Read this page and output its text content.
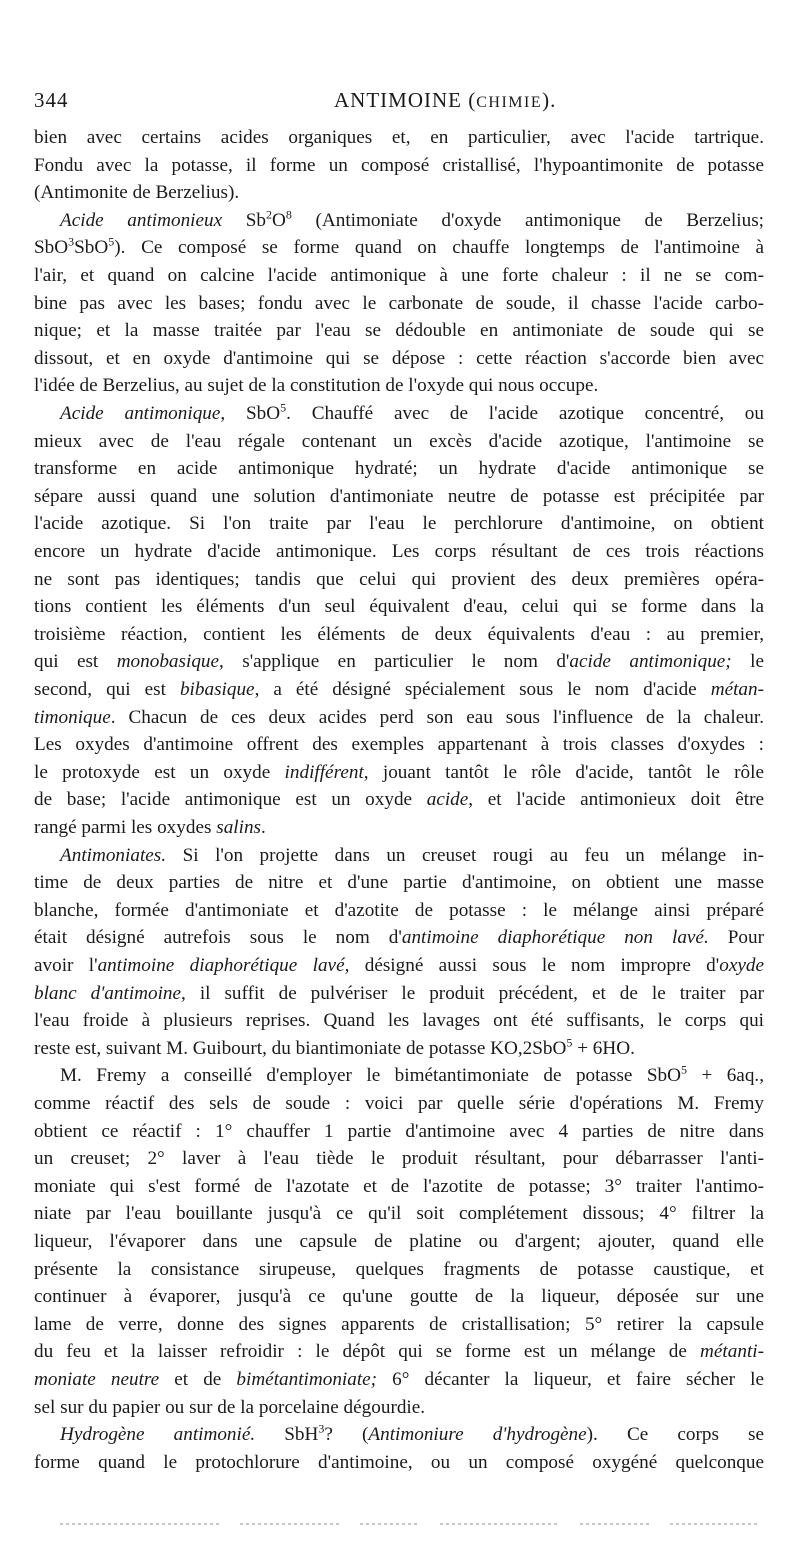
344	ANTIMOINE (CHIMIE).
bien avec certains acides organiques et, en particulier, avec l'acide tartrique.
Fondu avec la potasse, il forme un composé cristallisé, l'hypoantimonite de potasse
(Antimonite de Berzelius).
Acide antimonieux $Sb^2O^8$ (Antimoniate d'oxyde antimonique de Berzelius;
SbO$^3$SbO$^5$). Ce composé se forme quand on chauffe longtemps de l'antimoine à
l'air, et quand on calcine l'acide antimonique à une forte chaleur : il ne se com-
bine pas avec les bases; fondu avec le carbonate de soude, il chasse l'acide carbo-
nique; et la masse traitée par l'eau se dédouble en antimoniate de soude qui se
dissout, et en oxyde d'antimoine qui se dépose : cette réaction s'accorde bien avec
l'idée de Berzelius, au sujet de la constitution de l'oxyde qui nous occupe.
Acide antimonique, SbO$^5$. Chauffé avec de l'acide azotique concentré, ou
mieux avec de l'eau régale contenant un excès d'acide azotique, l'antimoine se
transforme en acide antimonique hydraté; un hydrate d'acide antimonique se
sépare aussi quand une solution d'antimoniate neutre de potasse est précipitée par
l'acide azotique. Si l'on traite par l'eau le perchlorure d'antimoine, on obtient
encore un hydrate d'acide antimonique. Les corps résultant de ces trois réactions
ne sont pas identiques; tandis que celui qui provient des deux premières opéra-
tions contient les éléments d'un seul équivalent d'eau, celui qui se forme dans la
troisième réaction, contient les éléments de deux équivalents d'eau : au premier,
qui est monobasique, s'applique en particulier le nom d'acide antimonique; le
second, qui est bibasique, a été désigné spécialement sous le nom d'acide métan-
timonique. Chacun de ces deux acides perd son eau sous l'influence de la chaleur.
Les oxydes d'antimoine offrent des exemples appartenant à trois classes d'oxydes :
le protoxyde est un oxyde indifférent, jouant tantôt le rôle d'acide, tantôt le rôle
de base; l'acide antimonique est un oxyde acide, et l'acide antimonieux doit être
rangé parmi les oxydes salins.
Antimoniates. Si l'on projette dans un creuset rougi au feu un mélange in-
time de deux parties de nitre et d'une partie d'antimoine, on obtient une masse
blanche, formée d'antimoniate et d'azotite de potasse : le mélange ainsi préparé
était désigné autrefois sous le nom d'antimoine diaphorétique non lavé. Pour
avoir l'antimoine diaphorétique lavé, désigné aussi sous le nom impropre d'oxyde
blanc d'antimoine, il suffit de pulvériser le produit précédent, et de le traiter par
l'eau froide à plusieurs reprises. Quand les lavages ont été suffisants, le corps qui
reste est, suivant M. Guibourt, du biantimoniate de potasse KO,2SbO$^5$ + 6HO.
M. Fremy a conseillé d'employer le bimétantimoniate de potasse SbO$^5$ + 6aq.,
comme réactif des sels de soude : voici par quelle série d'opérations M. Fremy
obtient ce réactif : 1° chauffer 1 partie d'antimoine avec 4 parties de nitre dans
un creuset; 2° laver à l'eau tiède le produit résultant, pour débarrasser l'anti-
moniate qui s'est formé de l'azotate et de l'azotite de potasse; 3° traiter l'antimo-
niate par l'eau bouillante jusqu'à ce qu'il soit complétement dissous; 4° filtrer la
liqueur, l'évaporer dans une capsule de platine ou d'argent; ajouter, quand elle
présente la consistance sirupeuse, quelques fragments de potasse caustique, et
continuer à évaporer, jusqu'à ce qu'une goutte de la liqueur, déposée sur une
lame de verre, donne des signes apparents de cristallisation; 5° retirer la capsule
du feu et la laisser refroidir : le dépôt qui se forme est un mélange de métanti-
moniate neutre et de bimétantimoniate; 6° décanter la liqueur, et faire sécher le
sel sur du papier ou sur de la porcelaine dégourdie.
Hydrogène antimonié. SbH$^3$? (Antimoniure d'hydrogène). Ce corps se
forme quand le protochlorure d'antimoine, ou un composé oxygéné quelconque
